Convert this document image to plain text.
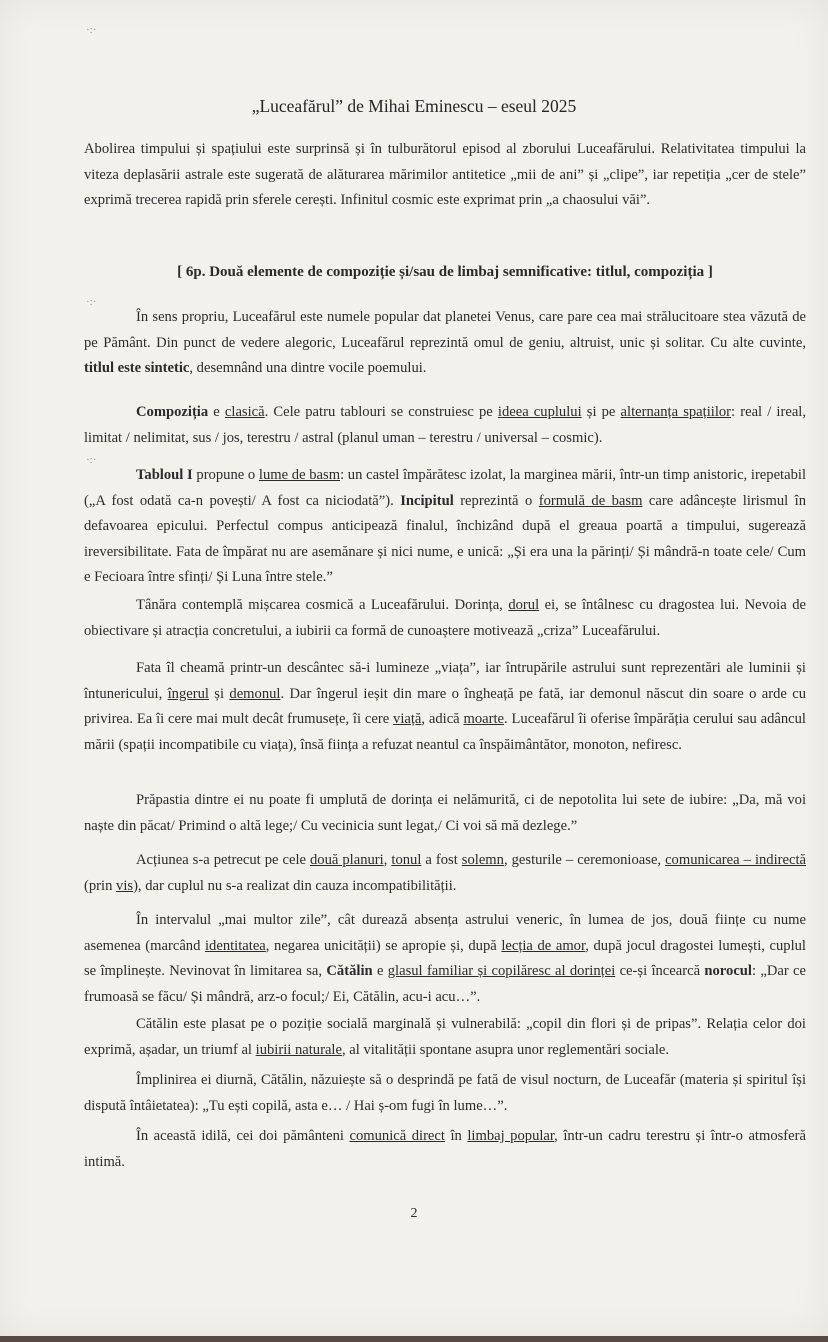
·:·
·:·
·:·
„Luceafărul” de Mihai Eminescu – eseul 2025

Abolirea timpului și spațiului este surprinsă și în tulburătorul episod al zborului Luceafărului. Relativitatea timpului la viteza deplasării astrale este sugerată de alăturarea mărimilor antitetice „mii de ani” și „clipe”, iar repetiția „cer de stele” exprimă trecerea rapidă prin sferele cerești. Infinitul cosmic este exprimat prin „a chaosului văi”.

[ 6p. Două elemente de compoziție și/sau de limbaj semnificative: titlul, compoziția ]

În sens propriu, Luceafărul este numele popular dat planetei Venus, care pare cea mai strălucitoare stea văzută de pe Pământ. Din punct de vedere alegoric, Luceafărul reprezintă omul de geniu, altruist, unic și solitar. Cu alte cuvinte, titlul este sintetic, desemnând una dintre vocile poemului.

Compoziția e clasică. Cele patru tablouri se construiesc pe ideea cuplului și pe alternanța spațiilor: real / ireal, limitat / nelimitat, sus / jos, terestru / astral (planul uman – terestru / universal – cosmic).

Tabloul I propune o lume de basm: un castel împărătesc izolat, la marginea mării, într-un timp anistoric, irepetabil („A fost odată ca-n povești/ A fost ca niciodată”). Incipitul reprezintă o formulă de basm care adâncește lirismul în defavoarea epicului. Perfectul compus anticipează finalul, închizând după el greaua poartă a timpului, sugerează ireversibilitate. Fata de împărat nu are asemănare și nici nume, e unică: „Și era una la părinți/ Și mândră-n toate cele/ Cum e Fecioara între sfinți/ Și Luna între stele.”

Tânăra contemplă mișcarea cosmică a Luceafărului. Dorința, dorul ei, se întâlnesc cu dragostea lui. Nevoia de obiectivare și atracția concretului, a iubirii ca formă de cunoaștere motivează „criza” Luceafărului.

Fata îl cheamă printr-un descântec să-i lumineze „viața”, iar întrupările astrului sunt reprezentări ale luminii și întunericului, îngerul și demonul. Dar îngerul ieșit din mare o îngheață pe fată, iar demonul născut din soare o arde cu privirea. Ea îi cere mai mult decât frumusețe, îi cere viață, adică moarte. Luceafărul îi oferise împărăția cerului sau adâncul mării (spații incompatibile cu viața), însă ființa a refuzat neantul ca înspăimântător, monoton, nefiresc.

Prăpastia dintre ei nu poate fi umplută de dorința ei nelămurită, ci de nepotolita lui sete de iubire: „Da, mă voi naște din păcat/ Primind o altă lege;/ Cu vecinicia sunt legat,/ Ci voi să mă dezlege.”

Acțiunea s-a petrecut pe cele două planuri, tonul a fost solemn, gesturile – ceremonioase, comunicarea – indirectă (prin vis), dar cuplul nu s-a realizat din cauza incompatibilității.

În intervalul „mai multor zile”, cât durează absența astrului veneric, în lumea de jos, două ființe cu nume asemenea (marcând identitatea, negarea unicității) se apropie și, după lecția de amor, după jocul dragostei lumești, cuplul se împlinește. Nevinovat în limitarea sa, Cătălin e glasul familiar și copilăresc al dorinței ce-și încearcă norocul: „Dar ce frumoasă se făcu/ Și mândră, arz-o focul;/ Ei, Cătălin, acu-i acu…”.

Cătălin este plasat pe o poziție socială marginală și vulnerabilă: „copil din flori și de pripas”. Relația celor doi exprimă, așadar, un triumf al iubirii naturale, al vitalității spontane asupra unor reglementări sociale.

Împlinirea ei diurnă, Cătălin, năzuiește să o desprindă pe fată de visul nocturn, de Luceafăr (materia și spiritul își dispută întâietatea): „Tu ești copilă, asta e… / Hai ș-om fugi în lume…”.

În această idilă, cei doi pământeni comunică direct în limbaj popular, într-un cadru terestru și într-o atmosferă intimă.

2
